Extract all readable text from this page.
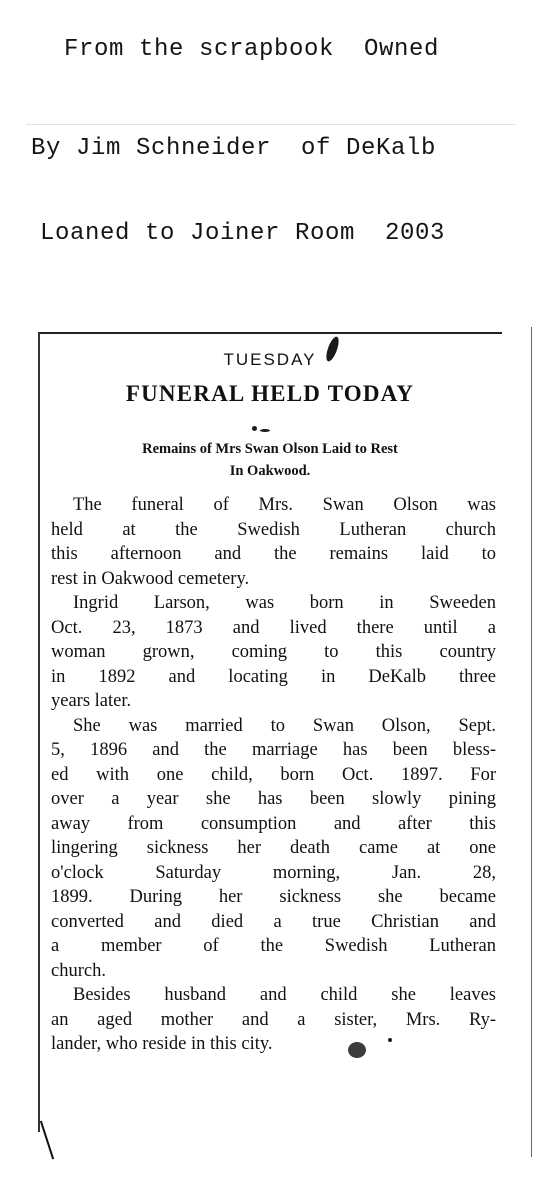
From the scrapbook  Owned
By Jim Schneider  of DeKalb
Loaned to Joiner Room  2003
TUESDAY
FUNERAL HELD TODAY
Remains of Mrs Swan Olson Laid to Rest
In Oakwood.
The funeral of Mrs. Swan Olson was
held at the Swedish Lutheran church
this afternoon and the remains laid to
rest in Oakwood cemetery.
Ingrid Larson, was born in Sweeden
Oct. 23, 1873 and lived there until a
woman grown, coming to this country
in 1892 and locating in DeKalb three
years later.
She was married to Swan Olson, Sept.
5, 1896 and the marriage has been bless-
ed with one child, born Oct. 1897. For
over a year she has been slowly pining
away from consumption and after this
lingering sickness her death came at one
o'clock Saturday morning, Jan. 28,
1899. During her sickness she became
converted and died a true Christian and
a member of the Swedish Lutheran
church.
Besides husband and child she leaves
an aged mother and a sister, Mrs. Ry-
lander, who reside in this city.
